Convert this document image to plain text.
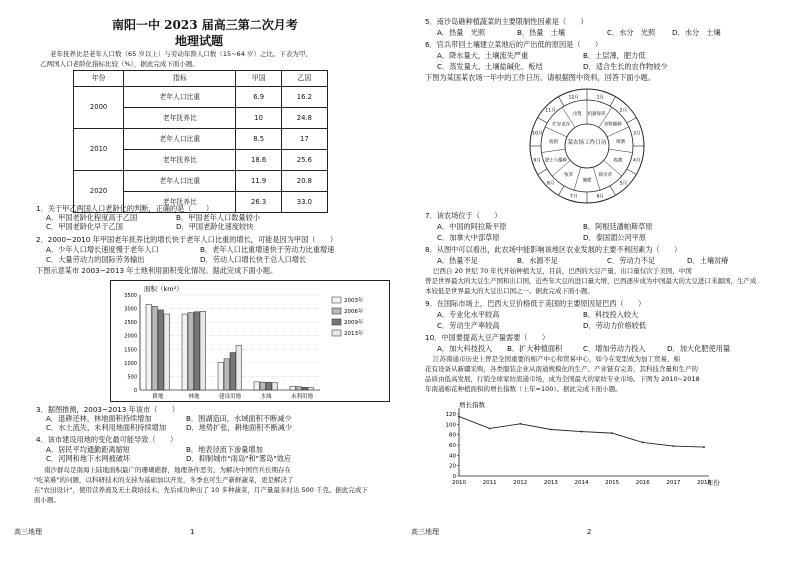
南阳一中 2023 届高三第二次月考
地理试题
老年抚养比是老年人口数（65 岁以上）与劳动年龄人口数（15~64 岁）之比。下表为甲、
乙两国人口老龄化指标比较（%），据此完成下面小题。
年份	指标	甲国	乙国
2000	老年人口比重	6.9	16.2
	老年抚养比	10	24.8
2010	老年人口比重	8.5	17
	老年抚养比	18.6	25.6
2020	老年人口比重	11.9	20.8
	老年抚养比	26.3	33.0
1．关于甲乙两国人口老龄化的判断，正确的是（　　）
A．甲国老龄化程度高于乙国	B．甲国老年人口数量较小
C．甲国老龄化早于乙国	D．甲国老龄化速度较快
2．2000~2010 年甲国老年抚养比的增长快于老年人口比重的增长，可能是因为甲国（　　）
A．少年人口增长速度慢于老年人口	B．老年人口比重增速快于劳动力比重增速
C．大量劳动力的国际劳务输出	D．劳动人口增长快于总人口增长
下图示意某市 2003~2013 年土地利用面积变化情况。据此完成下面小题。
面积（km²）
0
500
1000
1500
2000
2500
3000
3500
耕地	林地	建设用地	水域	未利用地
2003年
2006年
2009年
2013年
3．据图推测，2003~2013 年该市（　　）
A．退耕还林，林地面积持续增加	B．围湖造田，水域面积不断减少
C．水土流失，未利用地面积持续增加	D．地势扩张，耕地面积不断减少
4．该市建设用地的变化最可能导致（　　）
A．居民平均通勤距离缩短	B．地表径流下渗量增加
C．河网和地下水网被破坏	D．抑制城市"雨岛"和"雾岛"效应
南沙群岛是南海上陆地面积最广的珊瑚礁群，地理条件恶劣，为解决中国官兵长期存在
"吃菜难"的问题，以科研技术的支持为基础加以开发，冬季也可生产新鲜蔬菜，更是解决了
在"农田设计"，使用营养液及无土栽培技术，先后成功种出了 10 多种蔬菜，月产量最多时达 500 千克。据此完成下
面小题。
高三地理	1
5．南沙岛礁种植蔬菜的主要限制性因素是（　　）
A．热量　光照	B．热量　土壤	C．水分　光照 D．水分　土壤
6．官兵带回土壤建立菜地后的产出低的原因是（　　）
A．降水量大，土壤流失严重	B．土层薄，肥力低
C．蒸发量大，土壤盐碱化、板结	D．适合生长的农作物较少
下图为某国某农场一年中的工作日历。请根据图中资料，回答下面小题。
1月
2月
3月
4月
5月
6月
7月
8月
9月
10月
11月
12月
机器保养
谷物播种
喷洒
收割
除杂草
施肥
牧草
肥土与播种
收割
贮存麦谷
出售
某农场工作日历
7．该农场位于（　　）
A．中国的阿拉斯平原	B．阿根廷潘帕斯草原
C．加拿大中部草原	D．泰国湄公河平原
8．从图中可以看出，此农场中能影响该地区农业发展的主要不利因素为（　　）
A．热量不足	B．水源不足	C．劳动力不足	D．土壤贫瘠
巴西自 20 世纪 70 年代开始种植大豆，目前，巴西的大豆产量、出口量仅次于美国，中国
曾是世界最大的大豆生产国和出口国，近些年大豆的进口量大增，巴西逐步成为中国最大的大豆进口来源国，生产成
本较低是世界最大的大豆出口国之一。据此完成下面小题。
9．在国际市场上，巴西大豆价格低于美国的主要原因是巴西（　　）
A．专业化水平较高	B．科技投入较大
C．劳动生产率较高	D．劳动力价格较低
10．中国要提高大豆产量需要（　　）
A．加大科技投入 B．扩大种植面积	C．增加劳动力投入	D．加大化肥使用量
江苏南通市历史上曾是全国重要的棉产中心和贸易中心，如今在变型成为加工贸易，棉
花有设备从新疆采购，各类服装企业从南通规模化的生产、产业链有完善，其科技含量和生产的
品质由低高发展，行销全球家纺流通市场，成为全国最大的家纺专业市场。下图为 2010~2018
年南通棉花种植面积的增长指数（上年=100）。据此完成下面小题。
增长指数
年份
0
20
40
60
80
100
120
2010	2011	2012	2013	2014	2015	2016	2017	2018
高三地理	2
